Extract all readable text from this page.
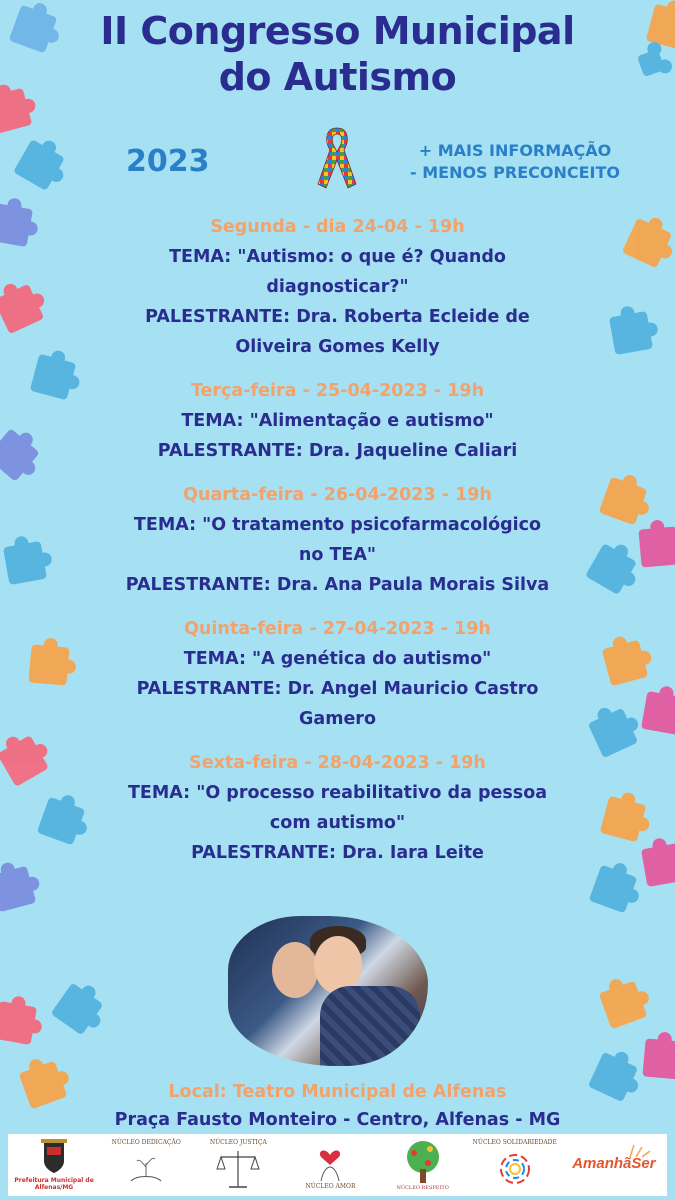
II Congresso Municipal
do Autismo
2023	+ MAIS INFORMAÇÃO
- MENOS PRECONCEITO
Segunda - dia 24-04 - 19h
TEMA: "Autismo: o que é? Quando
diagnosticar?"
PALESTRANTE: Dra. Roberta Ecleide de
Oliveira Gomes Kelly
Terça-feira - 25-04-2023 - 19h
TEMA: "Alimentação e autismo"
PALESTRANTE: Dra. Jaqueline Caliari
Quarta-feira - 26-04-2023 - 19h
TEMA: "O tratamento psicofarmacológico
no TEA"
PALESTRANTE: Dra. Ana Paula Morais Silva
Quinta-feira - 27-04-2023 - 19h
TEMA: "A genética do autismo"
PALESTRANTE: Dr. Angel Mauricio Castro
Gamero
Sexta-feira - 28-04-2023 - 19h
TEMA: "O processo reabilitativo da pessoa
com autismo"
PALESTRANTE: Dra. Iara Leite
Local: Teatro Municipal de Alfenas
Praça Fausto Monteiro - Centro, Alfenas - MG
Prefeitura Municipal de Alfenas/MG
NÚCLEO DEDICAÇÃO	NÚCLEO JUSTIÇA
NÚCLEO AMOR	NÚCLEO RESPEITO
NÚCLEO SOLIDARIEDADE
AmanhãSer
